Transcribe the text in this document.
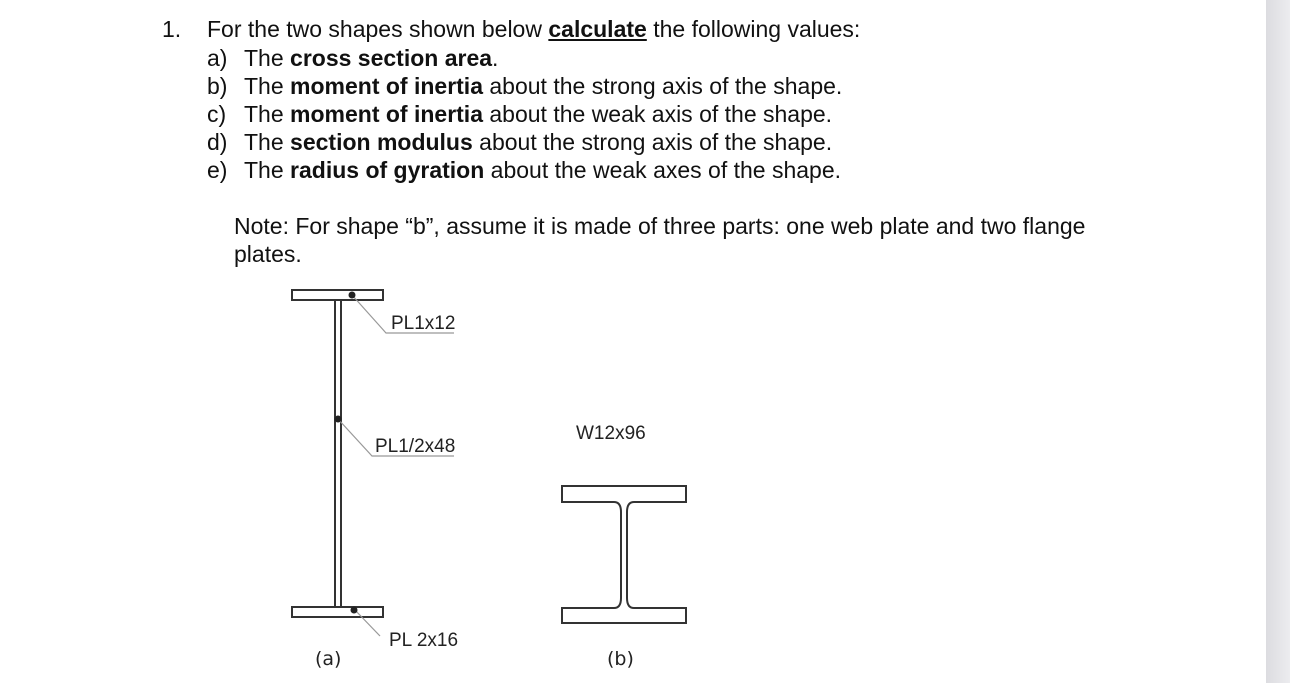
1. For the two shapes shown below calculate the following values:
a) The cross section area.
b) The moment of inertia about the strong axis of the shape.
c) The moment of inertia about the weak axis of the shape.
d) The section modulus about the strong axis of the shape.
e) The radius of gyration about the weak axes of the shape.
Note: For shape “b”, assume it is made of three parts: one web plate and two flange plates.
PL1x12
PL1/2x48
PL 2x16
(a)
W12x96
(b)
